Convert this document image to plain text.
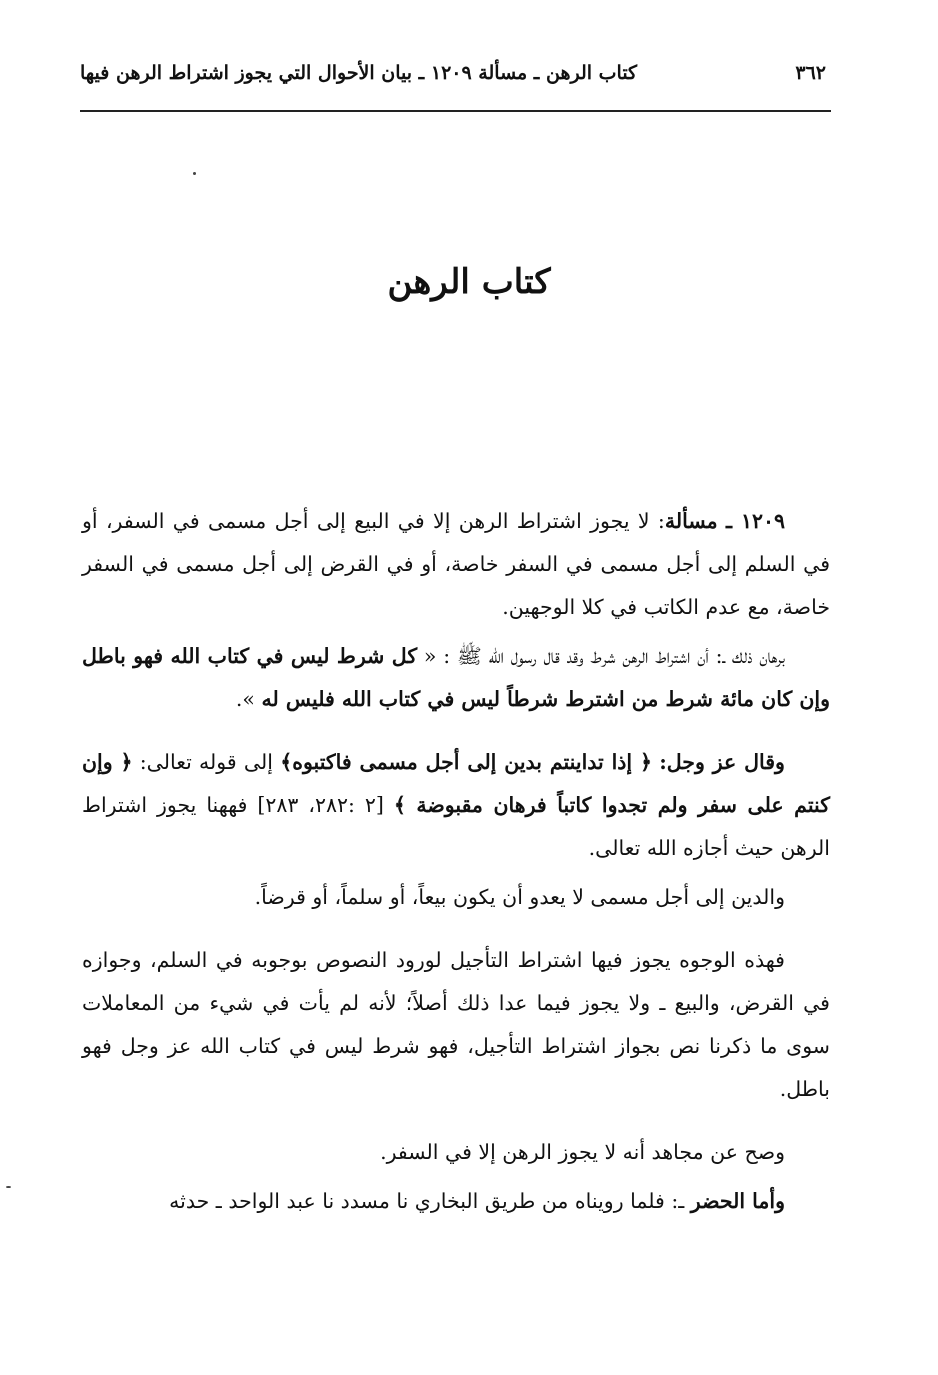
٣٦٢
كتاب الرهن ـ مسألة ١٢٠٩ ـ بيان الأحوال التي يجوز اشتراط الرهن فيها
كتاب الرهن

١٢٠٩ ـ مسألة: لا يجوز اشتراط الرهن إلا في البيع إلى أجل مسمى في السفر، أو في السلم إلى أجل مسمى في السفر خاصة، أو في القرض إلى أجل مسمى في السفر خاصة، مع عدم الكاتب في كلا الوجهين.

برهان ذلك ـ: أن اشتراط الرهن شرط وقد قال رسول الله ﷺ : « كل شرط ليس في كتاب الله فهو باطل وإن كان مائة شرط من اشترط شرطاً ليس في كتاب الله فليس له ».

وقال عز وجل: ﴿ إذا تداينتم بدين إلى أجل مسمى فاكتبوه﴾ إلى قوله تعالى: ﴿ وإن كنتم على سفر ولم تجدوا كاتباً فرهان مقبوضة ﴾ [٢ :٢٨٢، ٢٨٣] فههنا يجوز اشتراط الرهن حيث أجازه الله تعالى.

والدين إلى أجل مسمى لا يعدو أن يكون بيعاً، أو سلماً، أو قرضاً.

فهذه الوجوه يجوز فيها اشتراط التأجيل لورود النصوص بوجوبه في السلم، وجوازه في القرض، والبيع ـ ولا يجوز فيما عدا ذلك أصلاً؛ لأنه لم يأت في شيء من المعاملات سوى ما ذكرنا نص بجواز اشتراط التأجيل، فهو شرط ليس في كتاب الله عز وجل فهو باطل.

وصح عن مجاهد أنه لا يجوز الرهن إلا في السفر.

وأما الحضر ـ: فلما رويناه من طريق البخاري نا مسدد نا عبد الواحد ـ حدثه
